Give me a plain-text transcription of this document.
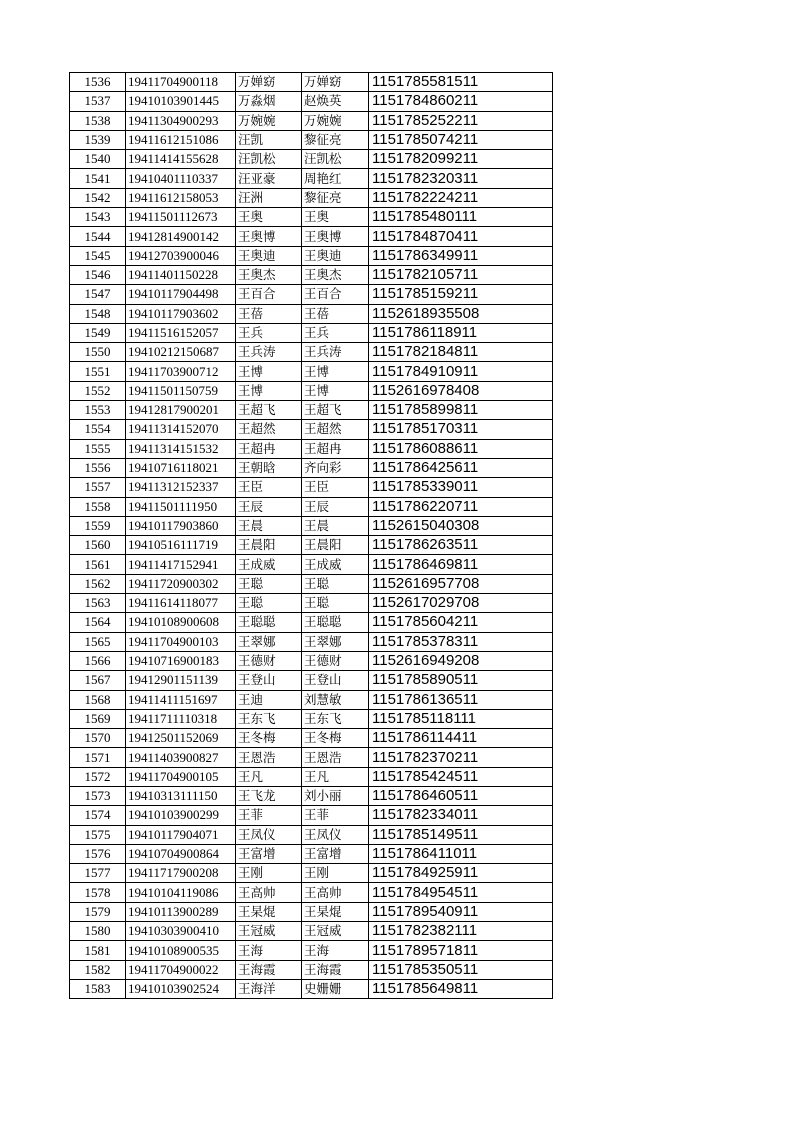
1536	19411704900118	万婵窈	万婵窈	1151785581511
1537	19410103901445	万淼烟	赵焕英	1151784860211
1538	19411304900293	万婉婉	万婉婉	1151785252211
1539	19411612151086	汪凯	黎征亮	1151785074211
1540	19411414155628	汪凯松	汪凯松	1151782099211
1541	19410401110337	汪亚豪	周艳红	1151782320311
1542	19411612158053	汪洲	黎征亮	1151782224211
1543	19411501112673	王奥	王奥	1151785480111
1544	19412814900142	王奥博	王奥博	1151784870411
1545	19412703900046	王奥迪	王奥迪	1151786349911
1546	19411401150228	王奥杰	王奥杰	1151782105711
1547	19410117904498	王百合	王百合	1151785159211
1548	19410117903602	王蓓	王蓓	1152618935508
1549	19411516152057	王兵	王兵	1151786118911
1550	19410212150687	王兵涛	王兵涛	1151782184811
1551	19411703900712	王博	王博	1151784910911
1552	19411501150759	王博	王博	1152616978408
1553	19412817900201	王超飞	王超飞	1151785899811
1554	19411314152070	王超然	王超然	1151785170311
1555	19411314151532	王超冉	王超冉	1151786088611
1556	19410716118021	王朝晗	齐向彩	1151786425611
1557	19411312152337	王臣	王臣	1151785339011
1558	19411501111950	王辰	王辰	1151786220711
1559	19410117903860	王晨	王晨	1152615040308
1560	19410516111719	王晨阳	王晨阳	1151786263511
1561	19411417152941	王成威	王成威	1151786469811
1562	19411720900302	王聪	王聪	1152616957708
1563	19411614118077	王聪	王聪	1152617029708
1564	19410108900608	王聪聪	王聪聪	1151785604211
1565	19411704900103	王翠娜	王翠娜	1151785378311
1566	19410716900183	王德财	王德财	1152616949208
1567	19412901151139	王登山	王登山	1151785890511
1568	19411411151697	王迪	刘慧敏	1151786136511
1569	19411711110318	王东飞	王东飞	1151785118111
1570	19412501152069	王冬梅	王冬梅	1151786114411
1571	19411403900827	王恩浩	王恩浩	1151782370211
1572	19411704900105	王凡	王凡	1151785424511
1573	19410313111150	王飞龙	刘小丽	1151786460511
1574	19410103900299	王菲	王菲	1151782334011
1575	19410117904071	王凤仪	王凤仪	1151785149511
1576	19410704900864	王富增	王富增	1151786411011
1577	19411717900208	王刚	王刚	1151784925911
1578	19410104119086	王高帅	王高帅	1151784954511
1579	19410113900289	王杲焜	王杲焜	1151789540911
1580	19410303900410	王冠威	王冠威	1151782382111
1581	19410108900535	王海	王海	1151789571811
1582	19411704900022	王海霞	王海霞	1151785350511
1583	19410103902524	王海洋	史姗姗	1151785649811
